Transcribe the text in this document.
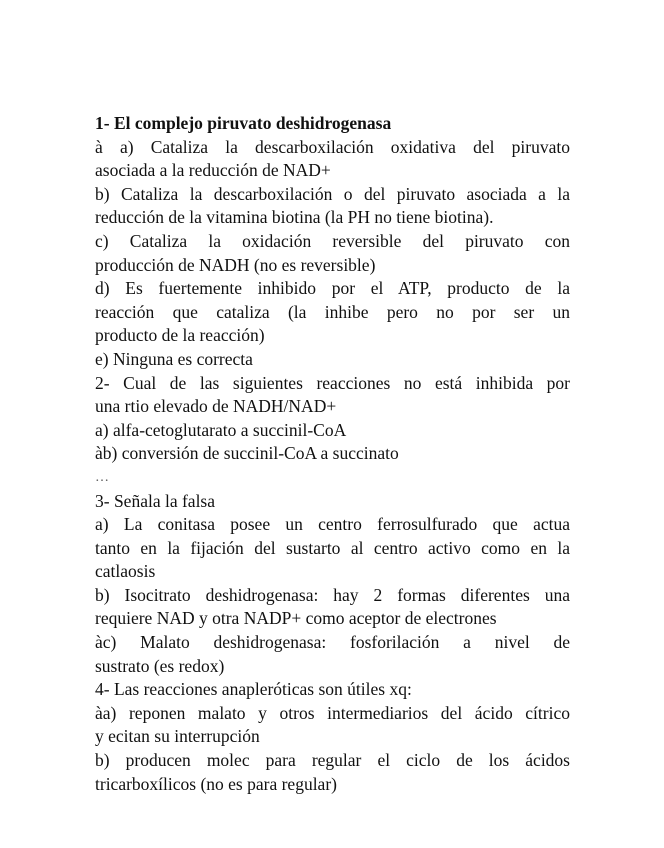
1- El complejo piruvato deshidrogenasa
à a) Cataliza la descarboxilación oxidativa del piruvato
asociada a la reducción de NAD+
b) Cataliza la descarboxilación o del piruvato asociada a la
reducción de la vitamina biotina (la PH no tiene biotina).
c) Cataliza la oxidación reversible del piruvato con
producción de NADH (no es reversible)
d) Es fuertemente inhibido por el ATP, producto de la
reacción que cataliza (la inhibe pero no por ser un
producto de la reacción)
e) Ninguna es correcta
2- Cual de las siguientes reacciones no está inhibida por
una rtio elevado de NADH/NAD+
a) alfa-cetoglutarato a succinil-CoA
àb) conversión de succinil-CoA a succinato
…
3- Señala la falsa
a) La conitasa posee un centro ferrosulfurado que actua
tanto en la fijación del sustarto al centro activo como en la
catlaosis
b) Isocitrato deshidrogenasa: hay 2 formas diferentes una
requiere NAD y otra NADP+ como aceptor de electrones
àc) Malato deshidrogenasa: fosforilación a nivel de
sustrato (es redox)
4- Las reacciones anapleróticas son útiles xq:
àa) reponen malato y otros intermediarios del ácido cítrico
y ecitan su interrupción
b) producen molec para regular el ciclo de los ácidos
tricarboxílicos (no es para regular)
